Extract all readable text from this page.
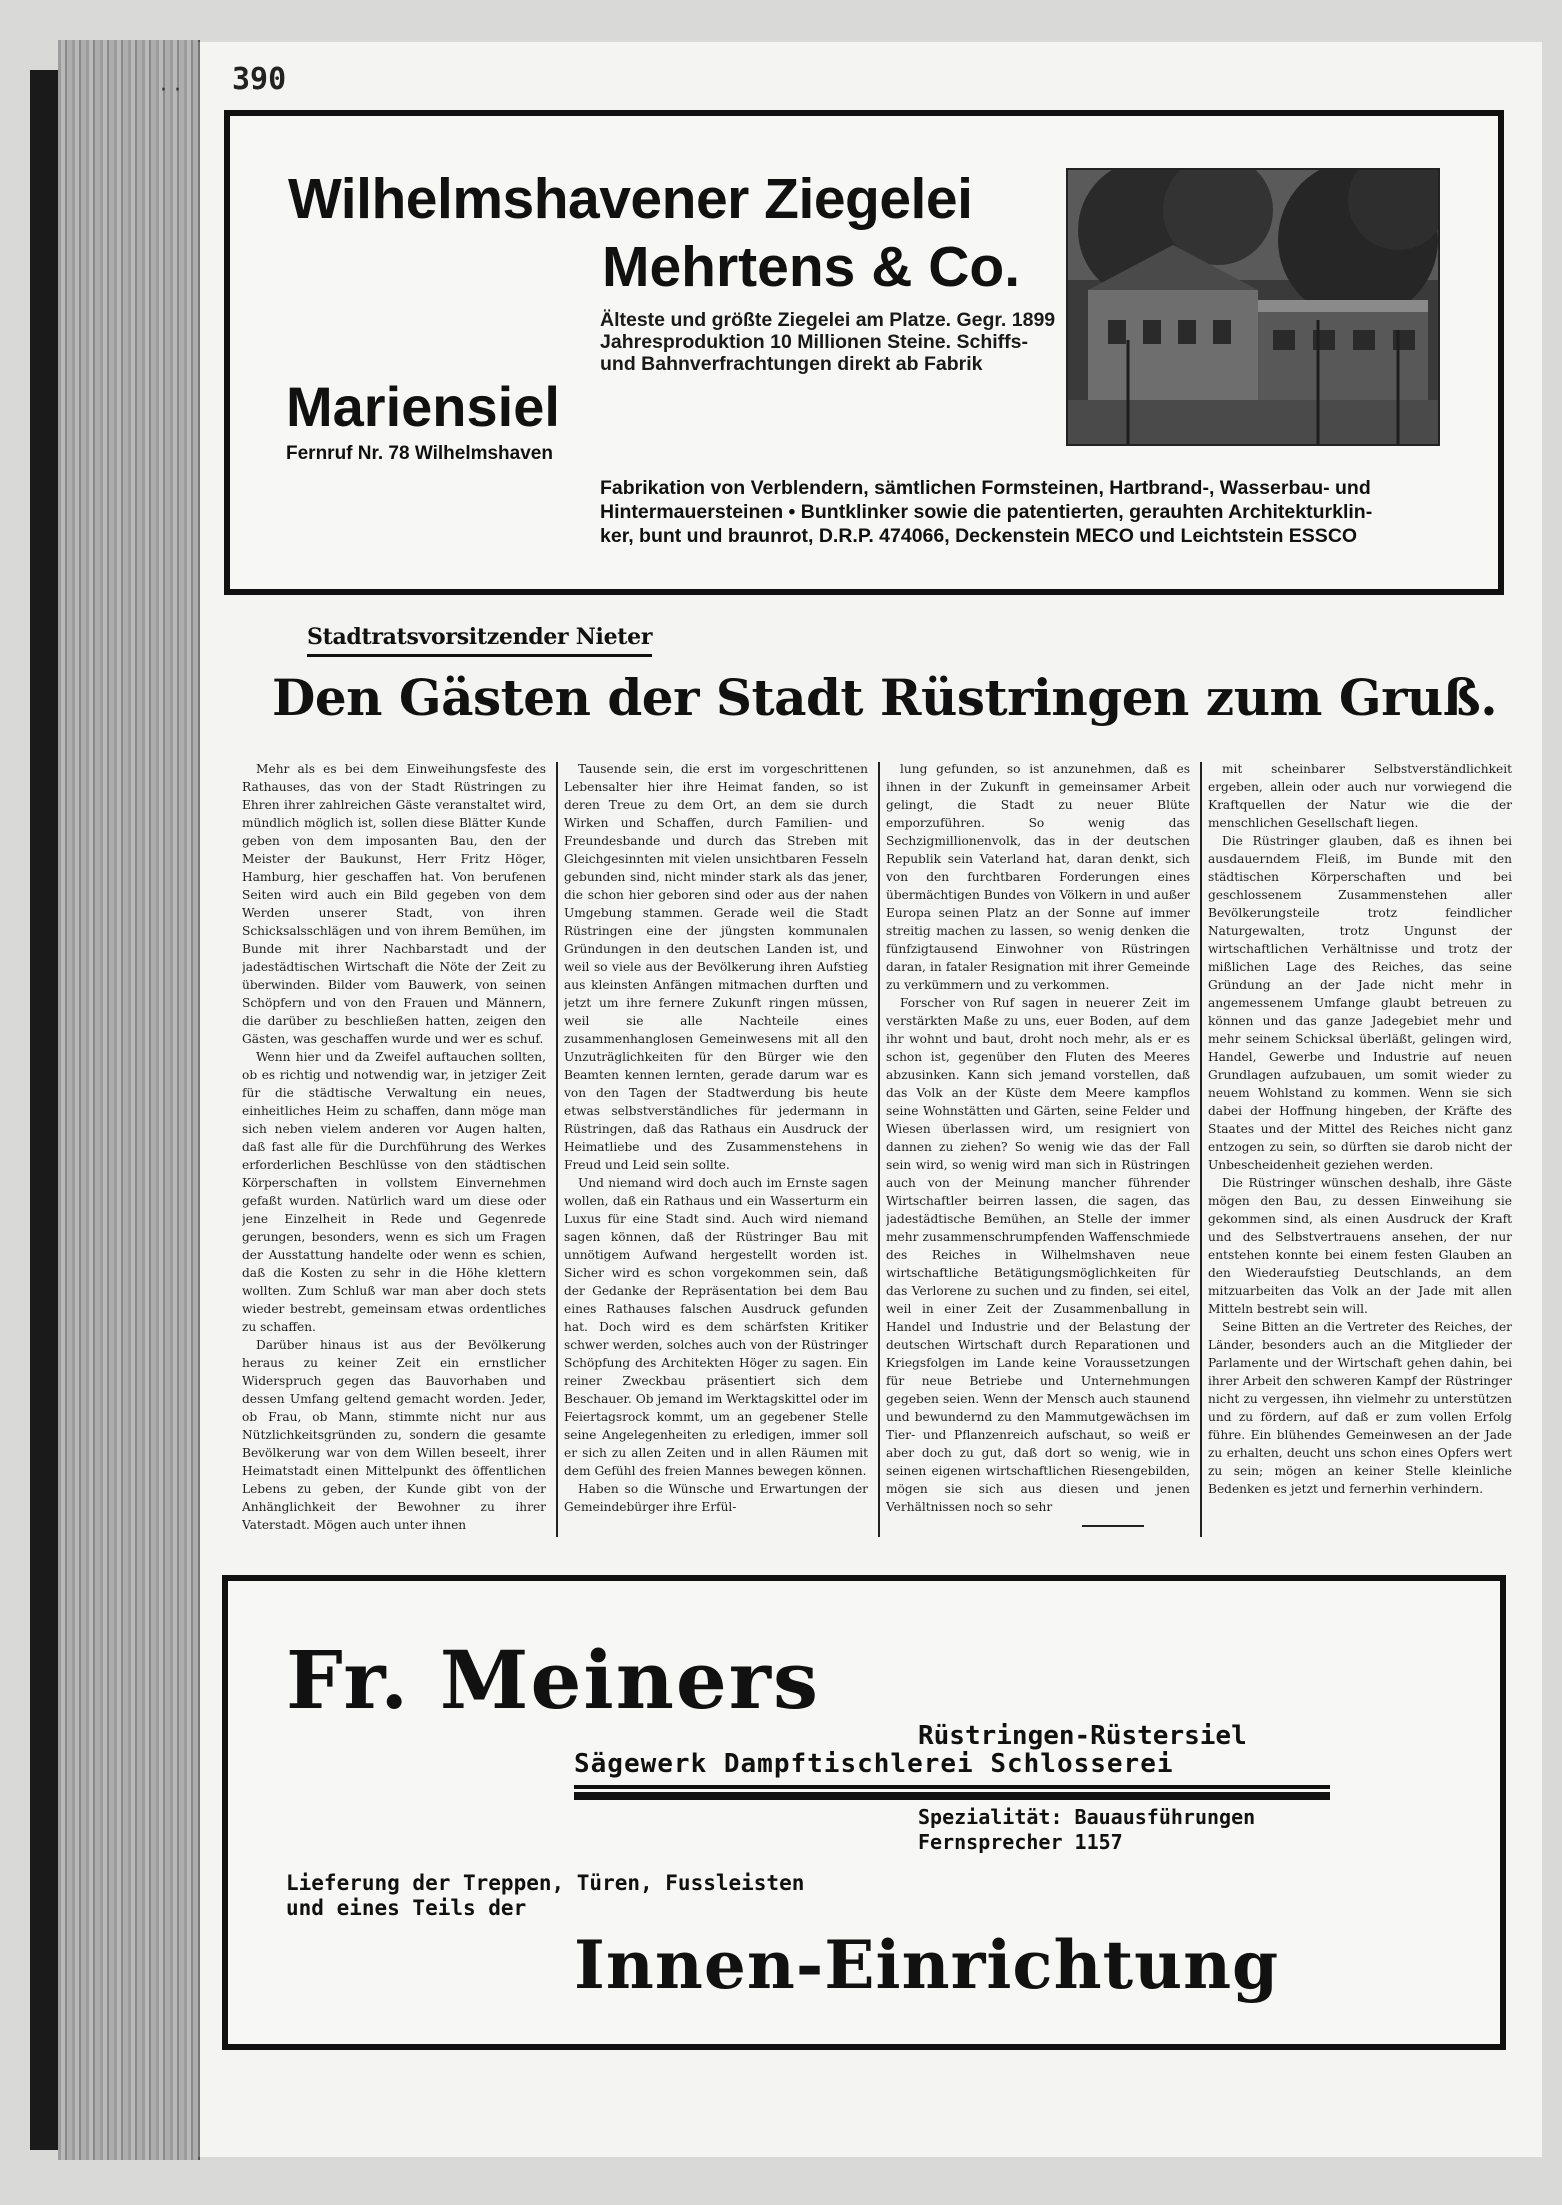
· · 390
Wilhelmshavener Ziegelei
Mehrtens & Co.
Älteste und größte Ziegelei am Platze. Gegr. 1899
Jahresproduktion 10 Millionen Steine. Schiffs-
und Bahnverfrachtungen direkt ab Fabrik
Mariensiel
Fernruf Nr. 78 Wilhelmshaven
Fabrikation von Verblendern, sämtlichen Formsteinen, Hartbrand-, Wasserbau- und
Hintermauersteinen • Buntklinker sowie die patentierten, gerauhten Architekturklin-
ker, bunt und braunrot, D.R.P. 474066, Deckenstein MECO und Leichtstein ESSCO
Stadtratsvorsitzender Nieter
Den Gästen der Stadt Rüstringen zum Gruß.

Mehr als es bei dem Einweihungsfeste des Rathauses, das von der Stadt Rüstringen zu Ehren ihrer zahlreichen Gäste veranstaltet wird, mündlich möglich ist, sollen diese Blätter Kunde geben von dem imposanten Bau, den der Meister der Baukunst, Herr Fritz Höger, Hamburg, hier geschaffen hat. Von berufenen Seiten wird auch ein Bild gegeben von dem Werden unserer Stadt, von ihren Schicksalsschlägen und von ihrem Bemühen, im Bunde mit ihrer Nachbarstadt und der jadestädtischen Wirtschaft die Nöte der Zeit zu überwinden. Bilder vom Bauwerk, von seinen Schöpfern und von den Frauen und Männern, die darüber zu beschließen hatten, zeigen den Gästen, was geschaffen wurde und wer es schuf.

Wenn hier und da Zweifel auftauchen sollten, ob es richtig und notwendig war, in jetziger Zeit für die städtische Verwaltung ein neues, einheitliches Heim zu schaffen, dann möge man sich neben vielem anderen vor Augen halten, daß fast alle für die Durchführung des Werkes erforderlichen Beschlüsse von den städtischen Körperschaften in vollstem Einvernehmen gefaßt wurden. Natürlich ward um diese oder jene Einzelheit in Rede und Gegenrede gerungen, besonders, wenn es sich um Fragen der Ausstattung handelte oder wenn es schien, daß die Kosten zu sehr in die Höhe klettern wollten. Zum Schluß war man aber doch stets wieder bestrebt, gemeinsam etwas ordentliches zu schaffen.

Darüber hinaus ist aus der Bevölkerung heraus zu keiner Zeit ein ernstlicher Widerspruch gegen das Bauvorhaben und dessen Umfang geltend gemacht worden. Jeder, ob Frau, ob Mann, stimmte nicht nur aus Nützlichkeitsgründen zu, sondern die gesamte Bevölkerung war von dem Willen beseelt, ihrer Heimatstadt einen Mittelpunkt des öffentlichen Lebens zu geben, der Kunde gibt von der Anhänglichkeit der Bewohner zu ihrer Vaterstadt. Mögen auch unter ihnen

Tausende sein, die erst im vorgeschrittenen Lebensalter hier ihre Heimat fanden, so ist deren Treue zu dem Ort, an dem sie durch Wirken und Schaffen, durch Familien- und Freundesbande und durch das Streben mit Gleichgesinnten mit vielen unsichtbaren Fesseln gebunden sind, nicht minder stark als das jener, die schon hier geboren sind oder aus der nahen Umgebung stammen. Gerade weil die Stadt Rüstringen eine der jüngsten kommunalen Gründungen in den deutschen Landen ist, und weil so viele aus der Bevölkerung ihren Aufstieg aus kleinsten Anfängen mitmachen durften und jetzt um ihre fernere Zukunft ringen müssen, weil sie alle Nachteile eines zusammenhanglosen Gemeinwesens mit all den Unzuträglichkeiten für den Bürger wie den Beamten kennen lernten, gerade darum war es von den Tagen der Stadtwerdung bis heute etwas selbstverständliches für jedermann in Rüstringen, daß das Rathaus ein Ausdruck der Heimatliebe und des Zusammenstehens in Freud und Leid sein sollte.

Und niemand wird doch auch im Ernste sagen wollen, daß ein Rathaus und ein Wasserturm ein Luxus für eine Stadt sind. Auch wird niemand sagen können, daß der Rüstringer Bau mit unnötigem Aufwand hergestellt worden ist. Sicher wird es schon vorgekommen sein, daß der Gedanke der Repräsentation bei dem Bau eines Rathauses falschen Ausdruck gefunden hat. Doch wird es dem schärfsten Kritiker schwer werden, solches auch von der Rüstringer Schöpfung des Architekten Höger zu sagen. Ein reiner Zweckbau präsentiert sich dem Beschauer. Ob jemand im Werktagskittel oder im Feiertagsrock kommt, um an gegebener Stelle seine Angelegenheiten zu erledigen, immer soll er sich zu allen Zeiten und in allen Räumen mit dem Gefühl des freien Mannes bewegen können.

Haben so die Wünsche und Erwartungen der Gemeindebürger ihre Erfül-

lung gefunden, so ist anzunehmen, daß es ihnen in der Zukunft in gemeinsamer Arbeit gelingt, die Stadt zu neuer Blüte emporzuführen. So wenig das Sechzigmillionenvolk, das in der deutschen Republik sein Vaterland hat, daran denkt, sich von den furchtbaren Forderungen eines übermächtigen Bundes von Völkern in und außer Europa seinen Platz an der Sonne auf immer streitig machen zu lassen, so wenig denken die fünfzigtausend Einwohner von Rüstringen daran, in fataler Resignation mit ihrer Gemeinde zu verkümmern und zu verkommen.

Forscher von Ruf sagen in neuerer Zeit im verstärkten Maße zu uns, euer Boden, auf dem ihr wohnt und baut, droht noch mehr, als er es schon ist, gegenüber den Fluten des Meeres abzusinken. Kann sich jemand vorstellen, daß das Volk an der Küste dem Meere kampflos seine Wohnstätten und Gärten, seine Felder und Wiesen überlassen wird, um resigniert von dannen zu ziehen? So wenig wie das der Fall sein wird, so wenig wird man sich in Rüstringen auch von der Meinung mancher führender Wirtschaftler beirren lassen, die sagen, das jadestädtische Bemühen, an Stelle der immer mehr zusammenschrumpfenden Waffenschmiede des Reiches in Wilhelmshaven neue wirtschaftliche Betätigungsmöglichkeiten für das Verlorene zu suchen und zu finden, sei eitel, weil in einer Zeit der Zusammenballung in Handel und Industrie und der Belastung der deutschen Wirtschaft durch Reparationen und Kriegsfolgen im Lande keine Voraussetzungen für neue Betriebe und Unternehmungen gegeben seien. Wenn der Mensch auch staunend und bewundernd zu den Mammutgewächsen im Tier- und Pflanzenreich aufschaut, so weiß er aber doch zu gut, daß dort so wenig, wie in seinen eigenen wirtschaftlichen Riesengebilden, mögen sie sich aus diesen und jenen Verhältnissen noch so sehr

mit scheinbarer Selbstverständlichkeit ergeben, allein oder auch nur vorwiegend die Kraftquellen der Natur wie die der menschlichen Gesellschaft liegen.

Die Rüstringer glauben, daß es ihnen bei ausdauerndem Fleiß, im Bunde mit den städtischen Körperschaften und bei geschlossenem Zusammenstehen aller Bevölkerungsteile trotz feindlicher Naturgewalten, trotz Ungunst der wirtschaftlichen Verhältnisse und trotz der mißlichen Lage des Reiches, das seine Gründung an der Jade nicht mehr in angemessenem Umfange glaubt betreuen zu können und das ganze Jadegebiet mehr und mehr seinem Schicksal überläßt, gelingen wird, Handel, Gewerbe und Industrie auf neuen Grundlagen aufzubauen, um somit wieder zu neuem Wohlstand zu kommen. Wenn sie sich dabei der Hoffnung hingeben, der Kräfte des Staates und der Mittel des Reiches nicht ganz entzogen zu sein, so dürften sie darob nicht der Unbescheidenheit geziehen werden.

Die Rüstringer wünschen deshalb, ihre Gäste mögen den Bau, zu dessen Einweihung sie gekommen sind, als einen Ausdruck der Kraft und des Selbstvertrauens ansehen, der nur entstehen konnte bei einem festen Glauben an den Wiederaufstieg Deutschlands, an dem mitzuarbeiten das Volk an der Jade mit allen Mitteln bestrebt sein will.

Seine Bitten an die Vertreter des Reiches, der Länder, besonders auch an die Mitglieder der Parlamente und der Wirtschaft gehen dahin, bei ihrer Arbeit den schweren Kampf der Rüstringer nicht zu vergessen, ihn vielmehr zu unterstützen und zu fördern, auf daß er zum vollen Erfolg führe. Ein blühendes Gemeinwesen an der Jade zu erhalten, deucht uns schon eines Opfers wert zu sein; mögen an keiner Stelle kleinliche Bedenken es jetzt und fernerhin verhindern.

Fr. Meiners
Rüstringen-Rüstersiel
Sägewerk Dampftischlerei Schlosserei
Spezialität: Bauausführungen
Fernsprecher 1157
Lieferung der Treppen, Türen, Fussleisten
und eines Teils der
Innen-Einrichtung
